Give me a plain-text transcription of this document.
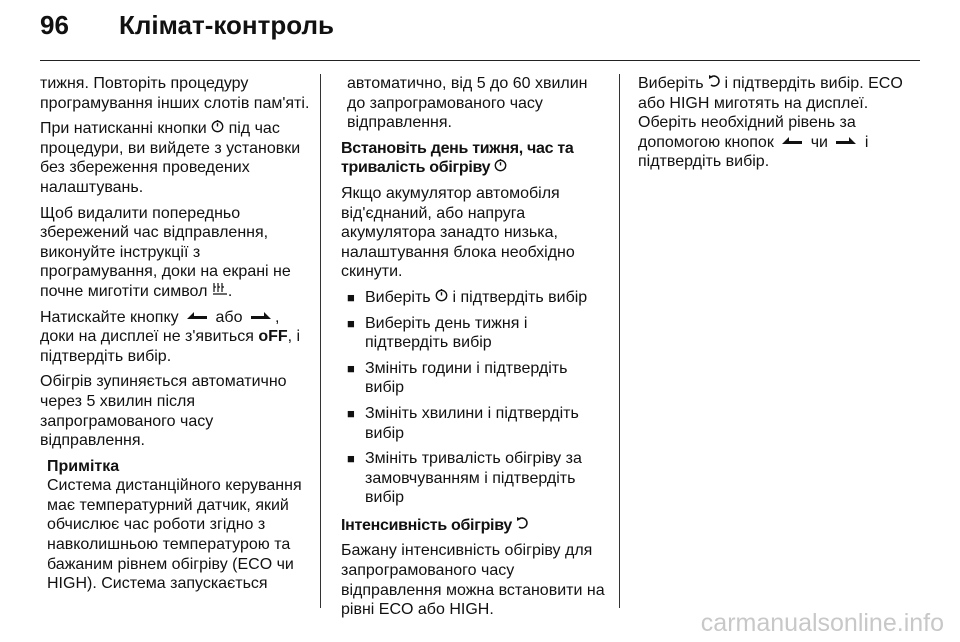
96 Клімат-контроль

тижня. Повторіть процедуру програмування інших слотів пам'яті.

При натисканні кнопки  під час процедури, ви вийдете з установки без збереження проведених налаштувань.

Щоб видалити попередньо збережений час відправлення, виконуйте інструкції з програмування, доки на екрані не почне миготіти символ .

Натискайте кнопку  або , доки на дисплеї не з'явиться oFF, і підтвердіть вибір.

Обігрів зупиняється автоматично через 5 хвилин після запрограмованого часу відправлення.

Примітка
Система дистанційного керування має температурний датчик, який обчислює час роботи згідно з навколишньою температурою та бажаним рівнем обігріву (ECO чи HIGH). Система запускається

автоматично, від 5 до 60 хвилин до запрограмованого часу відправлення.

Встановіть день тижня, час та тривалість обігріву

Якщо акумулятор автомобіля від'єднаний, або напруга акумулятора занадто низька, налаштування блока необхідно скинути.

■ Виберіть  і підтвердіть вибір
■ Виберіть день тижня і підтвердіть вибір
■ Змініть години і підтвердіть вибір
■ Змініть хвилини і підтвердіть вибір
■ Змініть тривалість обігріву за замовчуванням і підтвердіть вибір

Інтенсивність обігріву

Бажану інтенсивність обігріву для запрограмованого часу відправлення можна встановити на рівні ECO або HIGH.

Виберіть  і підтвердіть вибір. ECO або HIGH миготять на дисплеї. Оберіть необхідний рівень за допомогою кнопок  чи  і підтвердіть вибір.

carmanualsonline.info
